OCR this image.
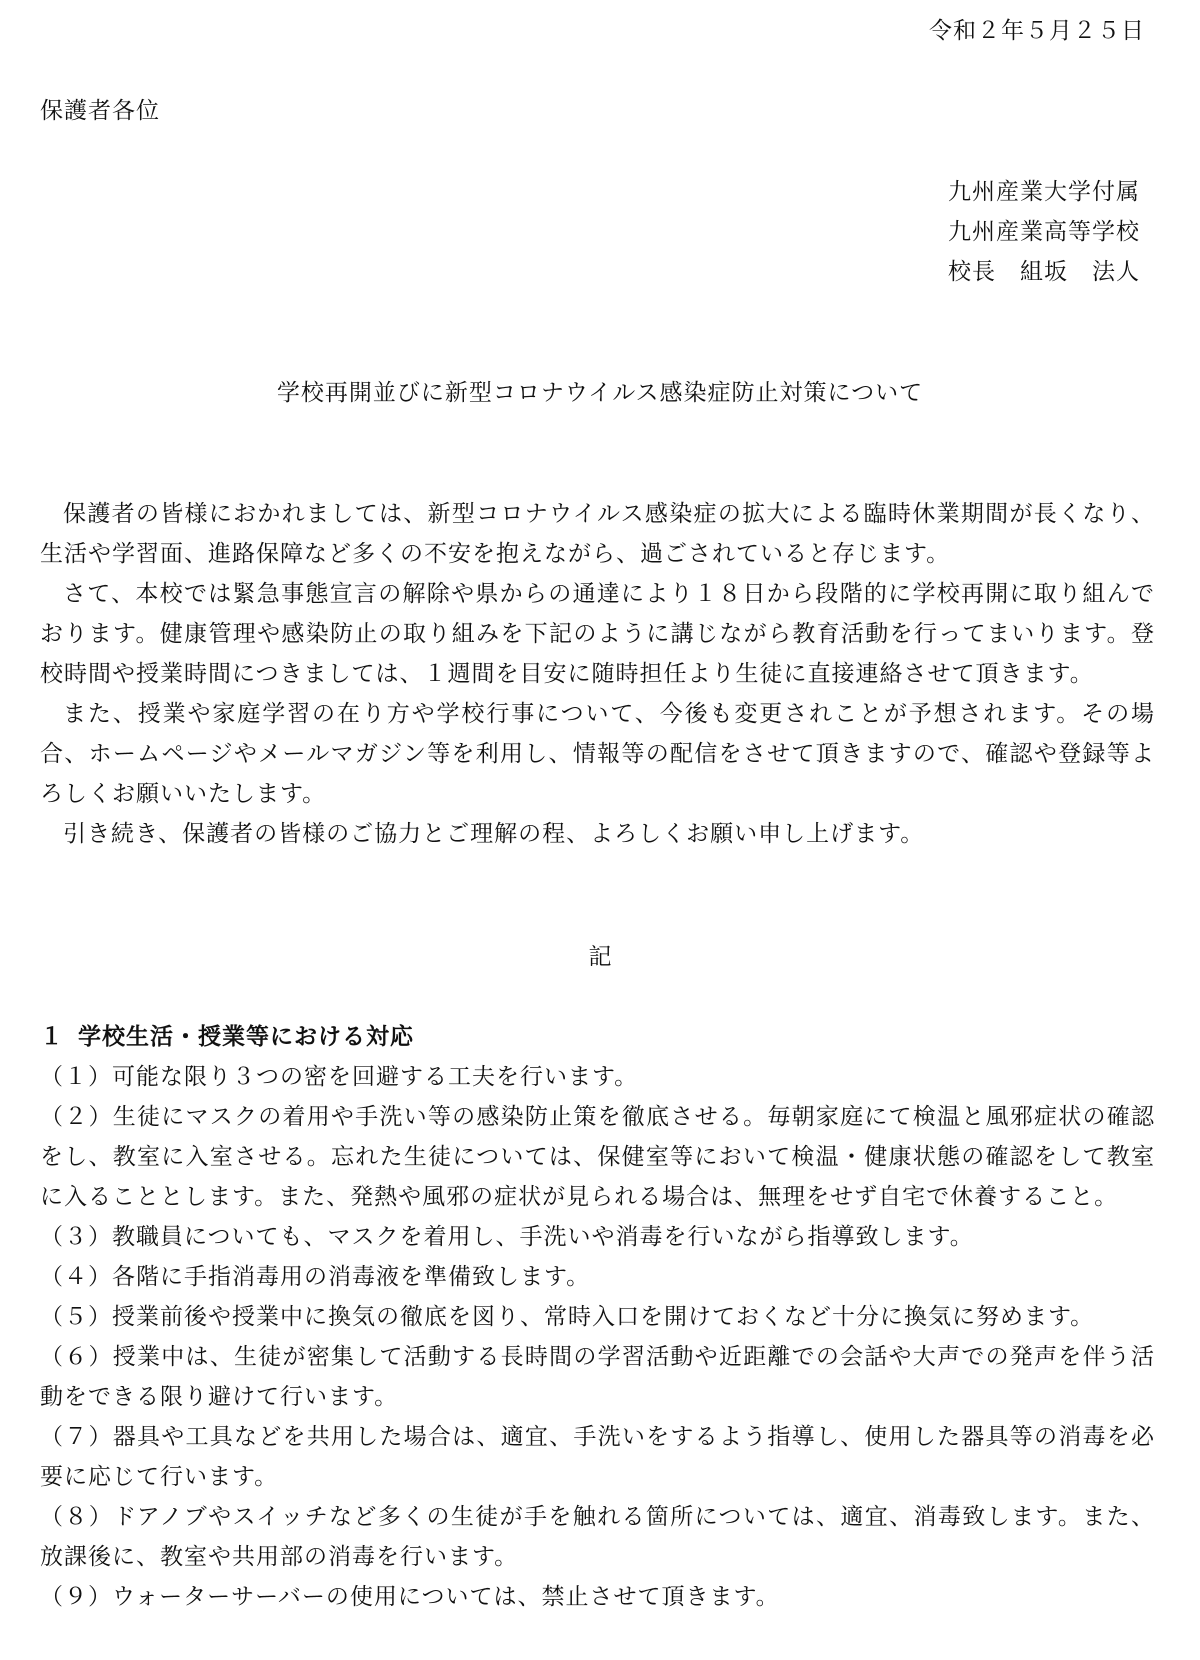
令和２年５月２５日
保護者各位
九州産業大学付属
九州産業高等学校
校長　組坂　法人
学校再開並びに新型コロナウイルス感染症防止対策について

保護者の皆様におかれましては、新型コロナウイルス感染症の拡大による臨時休業期間が長くなり、生活や学習面、進路保障など多くの不安を抱えながら、過ごされていると存じます。

さて、本校では緊急事態宣言の解除や県からの通達により１８日から段階的に学校再開に取り組んでおります。健康管理や感染防止の取り組みを下記のように講じながら教育活動を行ってまいります。登校時間や授業時間につきましては、１週間を目安に随時担任より生徒に直接連絡させて頂きます。

また、授業や家庭学習の在り方や学校行事について、今後も変更されことが予想されます。その場合、ホームページやメールマガジン等を利用し、情報等の配信をさせて頂きますので、確認や登録等よろしくお願いいたします。

引き続き、保護者の皆様のご協力とご理解の程、よろしくお願い申し上げます。

記

１ 学校生活・授業等における対応

（１）可能な限り３つの密を回避する工夫を行います。
（２）生徒にマスクの着用や手洗い等の感染防止策を徹底させる。毎朝家庭にて検温と風邪症状の確認をし、教室に入室させる。忘れた生徒については、保健室等において検温・健康状態の確認をして教室に入ることとします。また、発熱や風邪の症状が見られる場合は、無理をせず自宅で休養すること。
（３）教職員についても、マスクを着用し、手洗いや消毒を行いながら指導致します。
（４）各階に手指消毒用の消毒液を準備致します。
（５）授業前後や授業中に換気の徹底を図り、常時入口を開けておくなど十分に換気に努めます。
（６）授業中は、生徒が密集して活動する長時間の学習活動や近距離での会話や大声での発声を伴う活動をできる限り避けて行います。
（７）器具や工具などを共用した場合は、適宜、手洗いをするよう指導し、使用した器具等の消毒を必要に応じて行います。
（８）ドアノブやスイッチなど多くの生徒が手を触れる箇所については、適宜、消毒致します。また、放課後に、教室や共用部の消毒を行います。
（９）ウォーターサーバーの使用については、禁止させて頂きます。
